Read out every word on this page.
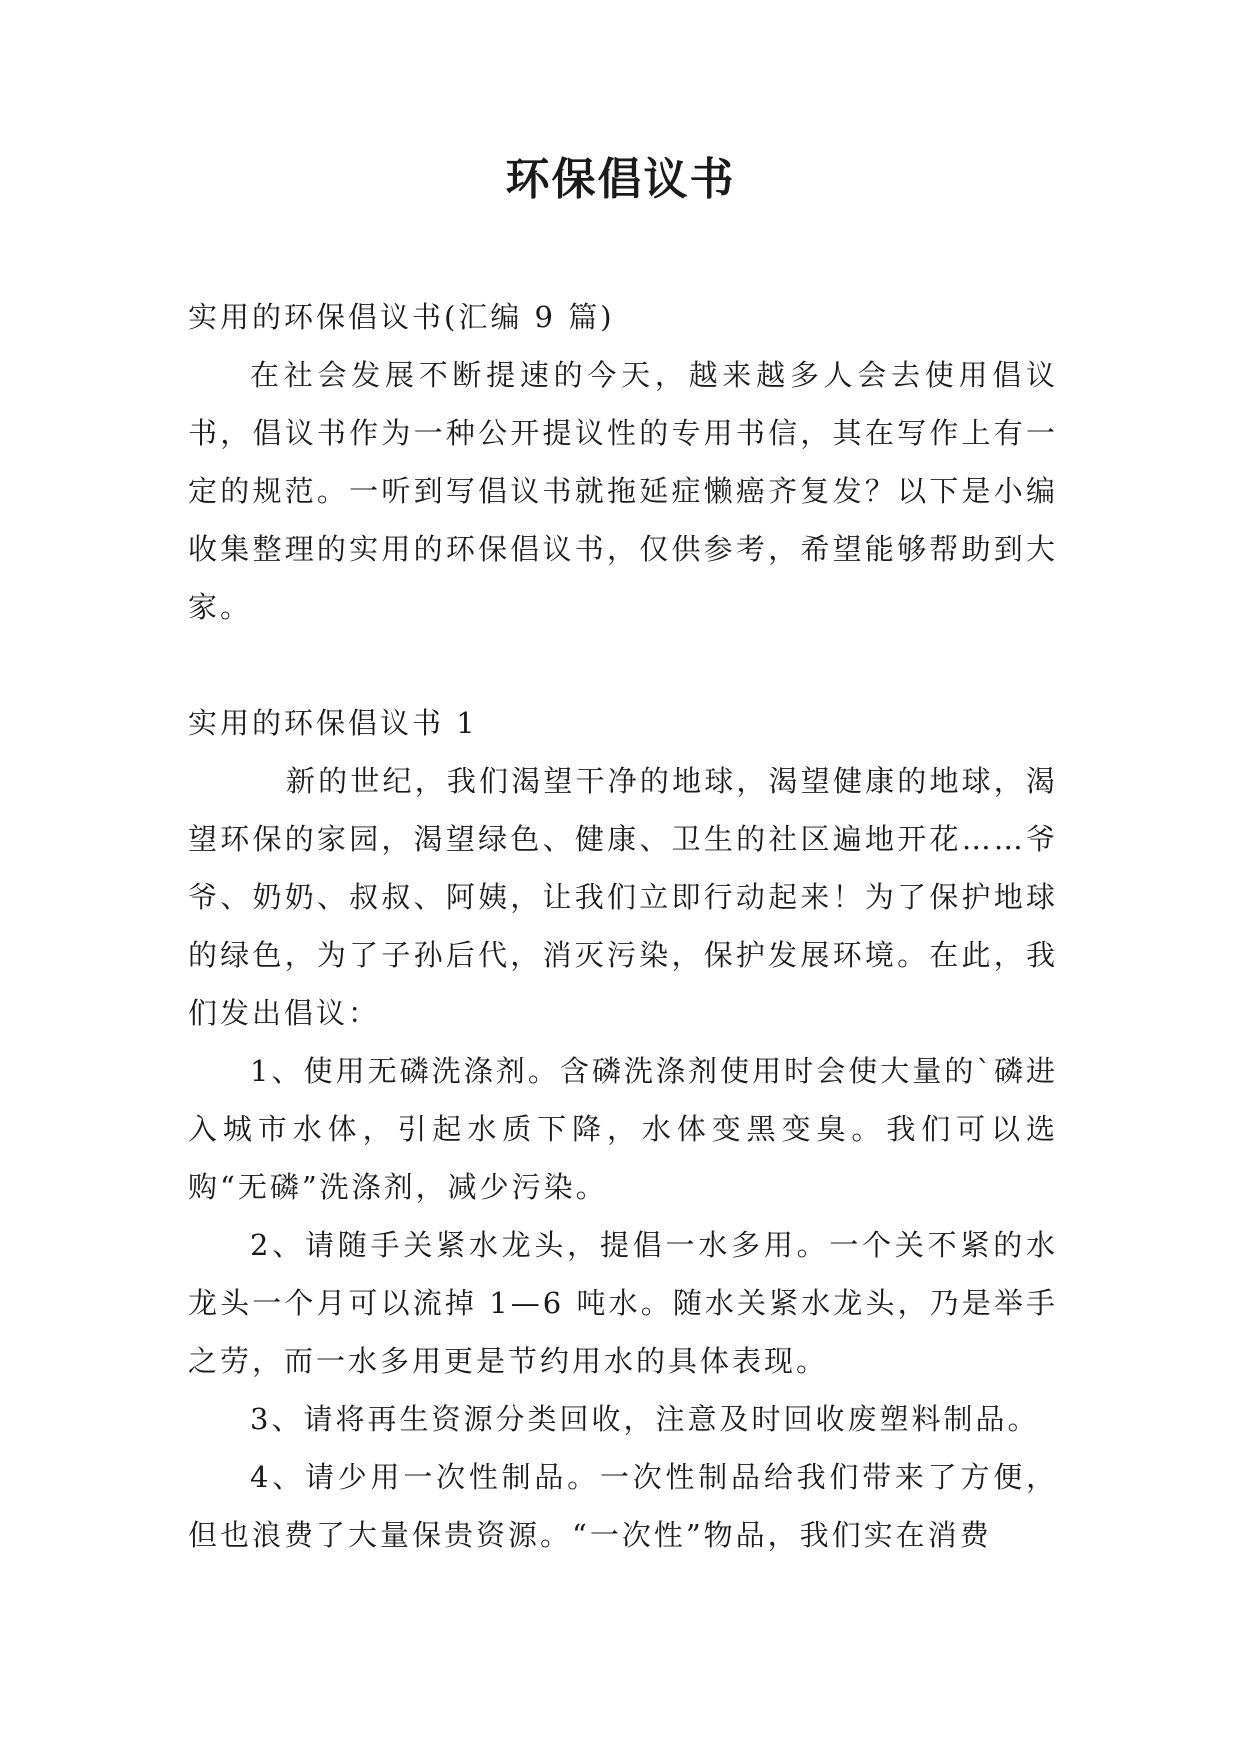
环保倡议书

实用的环保倡议书(汇编 9 篇)

在社会发展不断提速的今天，越来越多人会去使用倡议书，倡议书作为一种公开提议性的专用书信，其在写作上有一定的规范。一听到写倡议书就拖延症懒癌齐复发？以下是小编收集整理的实用的环保倡议书，仅供参考，希望能够帮助到大家。

实用的环保倡议书 1

新的世纪，我们渴望干净的地球，渴望健康的地球，渴望环保的家园，渴望绿色、健康、卫生的社区遍地开花……爷爷、奶奶、叔叔、阿姨，让我们立即行动起来！为了保护地球的绿色，为了子孙后代，消灭污染，保护发展环境。在此，我们发出倡议：

1、使用无磷洗涤剂。含磷洗涤剂使用时会使大量的`磷进入城市水体，引起水质下降，水体变黑变臭。我们可以选购“无磷”洗涤剂，减少污染。

2、请随手关紧水龙头，提倡一水多用。一个关不紧的水龙头一个月可以流掉 1—6 吨水。随水关紧水龙头，乃是举手之劳，而一水多用更是节约用水的具体表现。

3、请将再生资源分类回收，注意及时回收废塑料制品。

4、请少用一次性制品。一次性制品给我们带来了方便，但也浪费了大量保贵资源。“一次性”物品，我们实在消费
